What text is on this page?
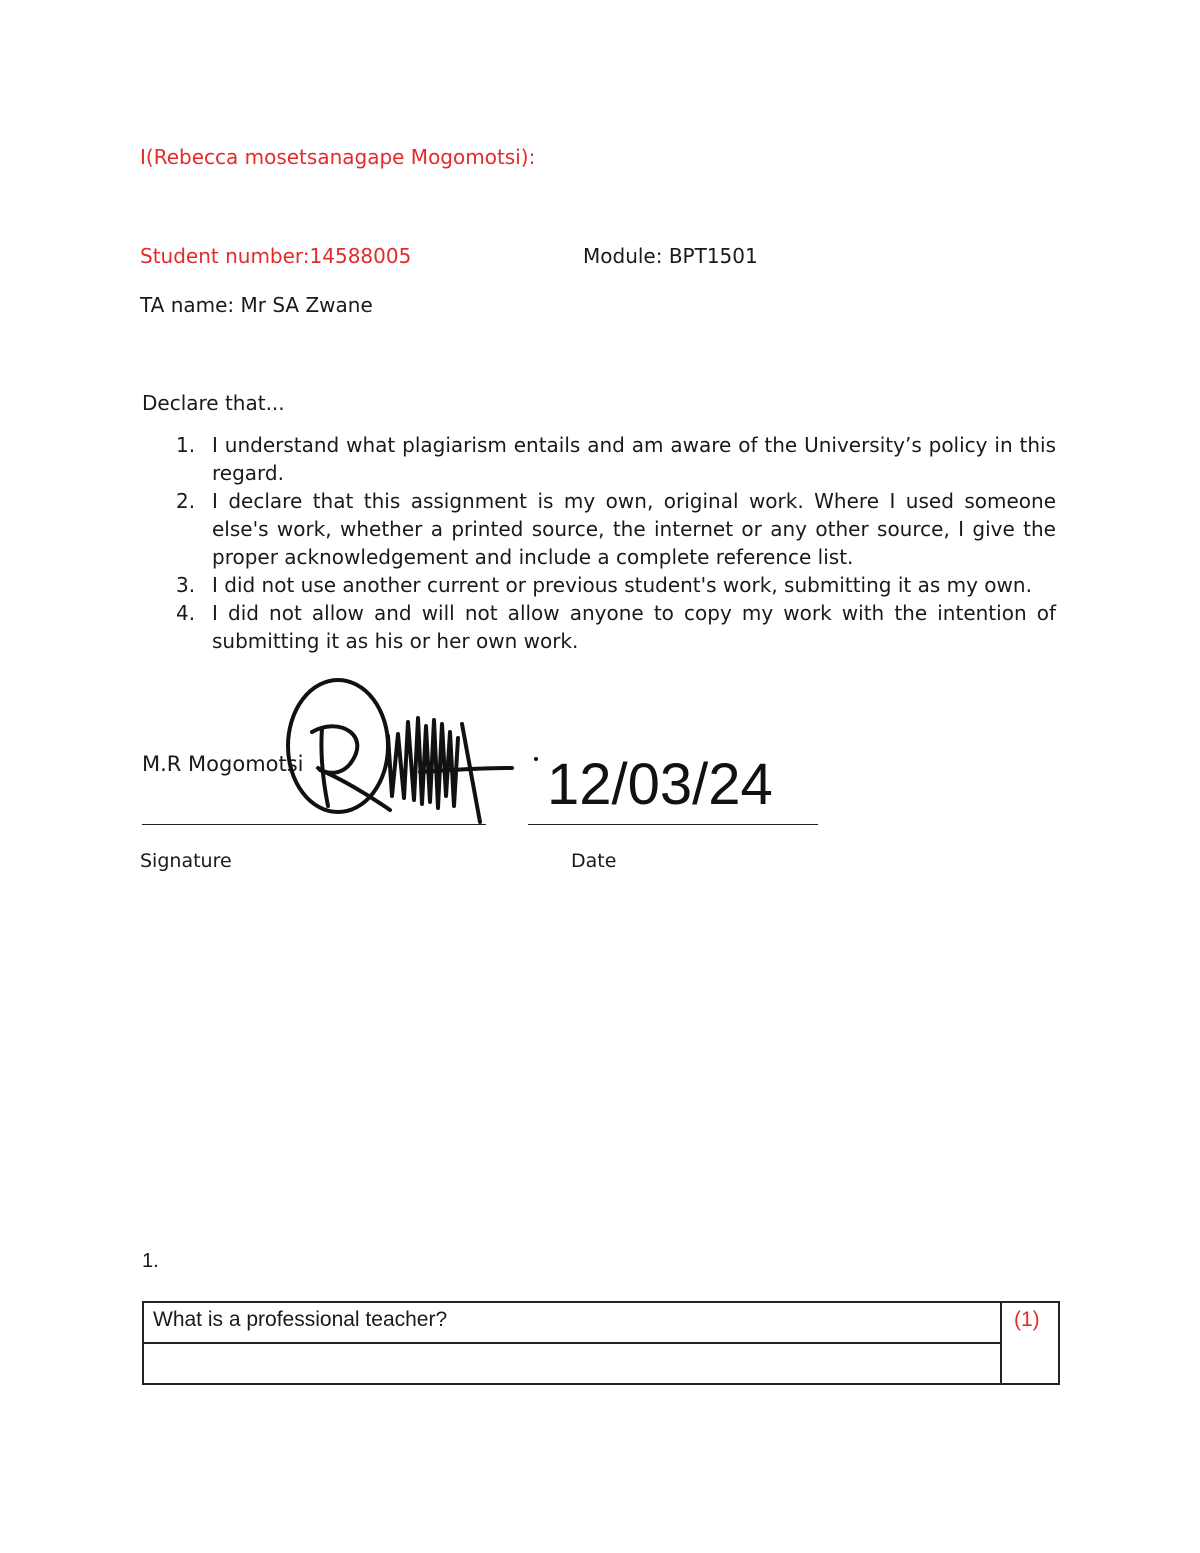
I(Rebecca mosetsanagape Mogomotsi):
Student number:14588005	Module: BPT1501
TA name: Mr SA Zwane
Declare that...
1. I understand what plagiarism entails and am aware of the University’s policy in this regard.
2. I declare that this assignment is my own, original work. Where I used someone else's work, whether a printed source, the internet or any other source, I give the proper acknowledgement and include a complete reference list.
3. I did not use another current or previous student's work, submitting it as my own.
4. I did not allow and will not allow anyone to copy my work with the intention of submitting it as his or her own work.
M.R Mogomotsi	12/03/24
Signature	Date
1.
What is a professional teacher?	(1)
